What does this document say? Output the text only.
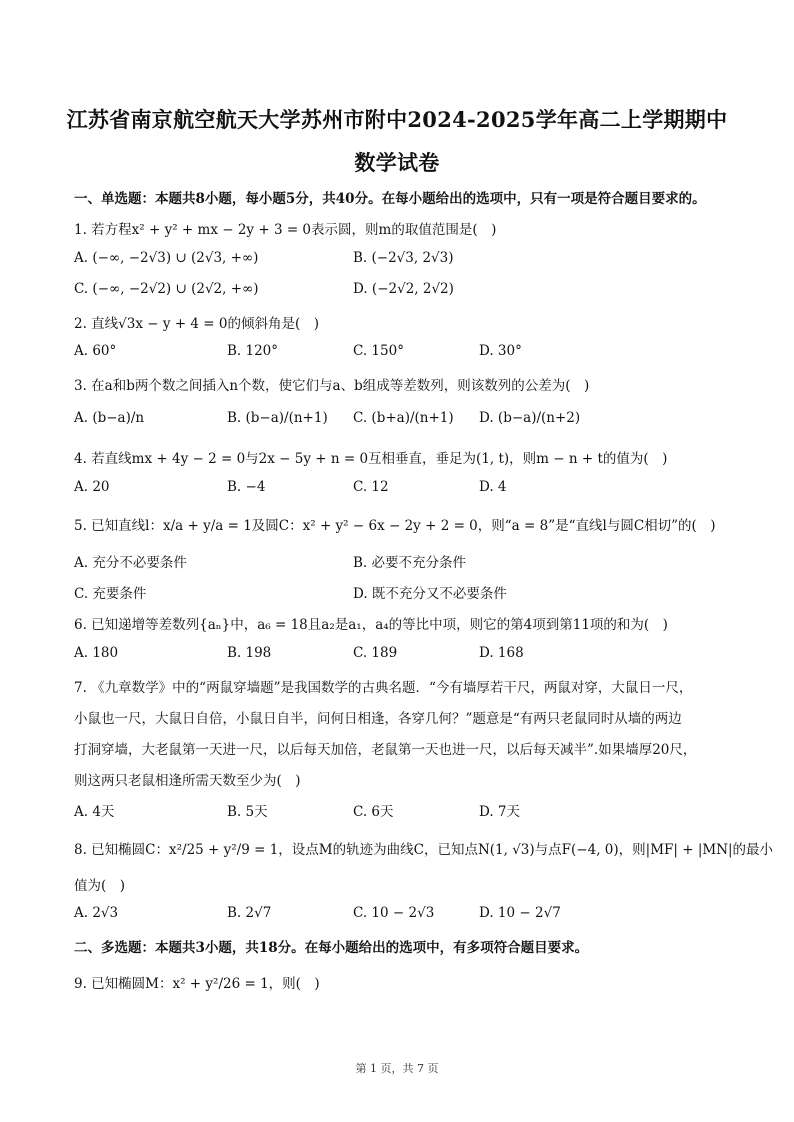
江苏省南京航空航天大学苏州市附中2024-2025学年高二上学期期中
数学试卷
一、单选题：本题共8小题，每小题5分，共40分。在每小题给出的选项中，只有一项是符合题目要求的。
1. 若方程x² + y² + mx − 2y + 3 = 0表示圆，则m的取值范围是(　)
A. (−∞, −2√3) ∪ (2√3, +∞)	B. (−2√3, 2√3)
C. (−∞, −2√2) ∪ (2√2, +∞)	D. (−2√2, 2√2)
2. 直线√3x − y + 4 = 0的倾斜角是(　)
A. 60°	B. 120°	C. 150°	D. 30°
3. 在a和b两个数之间插入n个数，使它们与a、b组成等差数列，则该数列的公差为(　)
A. (b−a)/n	B. (b−a)/(n+1) C. (b+a)/(n+1) D. (b−a)/(n+2)
4. 若直线mx + 4y − 2 = 0与2x − 5y + n = 0互相垂直，垂足为(1, t)，则m − n + t的值为(　)
A. 20	B. −4	C. 12	D. 4
5. 已知直线l：x/a + y/a = 1及圆C：x² + y² − 6x − 2y + 2 = 0，则“a = 8”是“直线l与圆C相切”的(　)
A. 充分不必要条件	B. 必要不充分条件
C. 充要条件	D. 既不充分又不必要条件
6. 已知递增等差数列{aₙ}中，a₆ = 18且a₂是a₁，a₄的等比中项，则它的第4项到第11项的和为(　)
A. 180	B. 198	C. 189	D. 168
7. 《九章数学》中的“两鼠穿墙题”是我国数学的古典名题．“今有墙厚若干尺，两鼠对穿，大鼠日一尺，
小鼠也一尺，大鼠日自倍，小鼠日自半，问何日相逢，各穿几何？”题意是“有两只老鼠同时从墙的两边
打洞穿墙，大老鼠第一天进一尺，以后每天加倍，老鼠第一天也进一尺，以后每天减半”.如果墙厚20尺，
则这两只老鼠相逢所需天数至少为(　)
A. 4天	B. 5天	C. 6天	D. 7天
8. 已知椭圆C：x²/25 + y²/9 = 1，设点M的轨迹为曲线C，已知点N(1, √3)与点F(−4, 0)，则|MF| + |MN|的最小
值为(　)
A. 2√3	B. 2√7	C. 10 − 2√3	D. 10 − 2√7
二、多选题：本题共3小题，共18分。在每小题给出的选项中，有多项符合题目要求。
9. 已知椭圆M：x² + y²/26 = 1，则(　)
第 1 页，共 7 页
